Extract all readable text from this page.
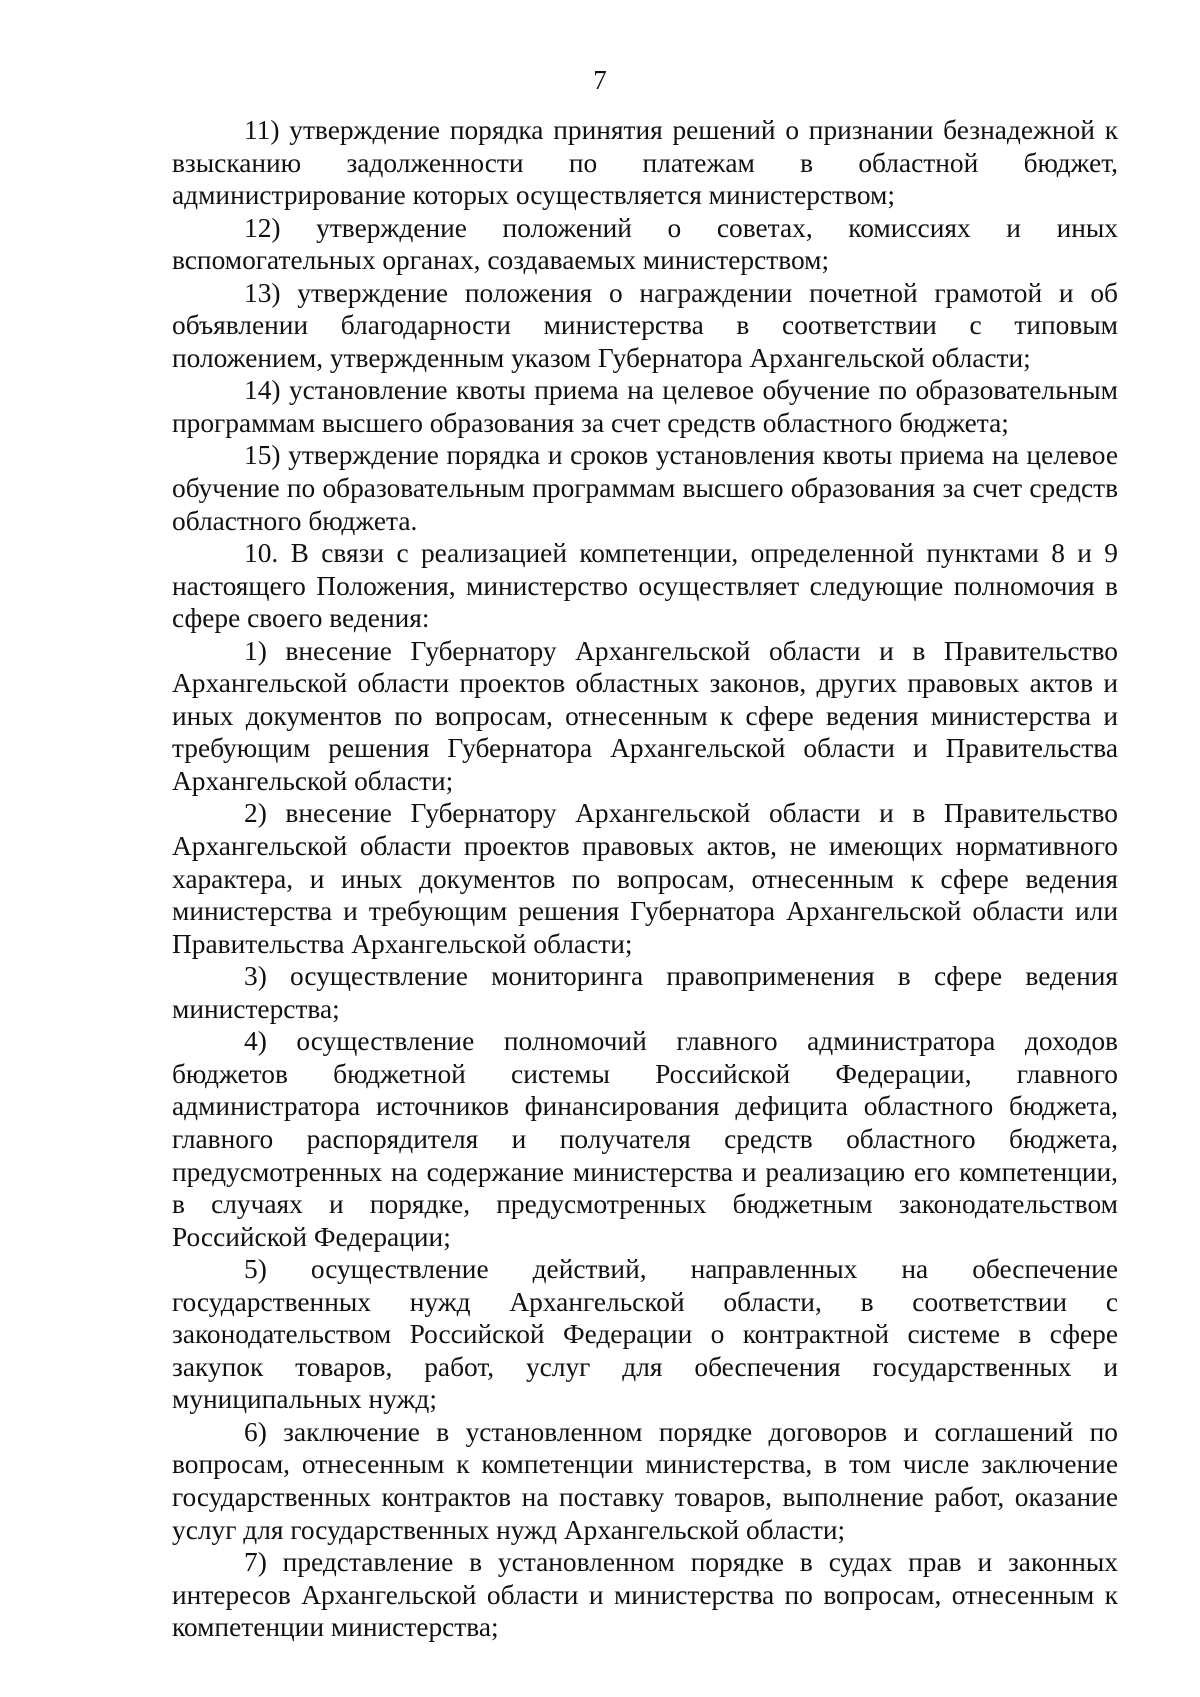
7

11) утверждение порядка принятия решений о признании безнадежной к взысканию задолженности по платежам в областной бюджет, администрирование которых осуществляется министерством;

12) утверждение положений о советах, комиссиях и иных вспомогательных органах, создаваемых министерством;

13) утверждение положения о награждении почетной грамотой и об объявлении благодарности министерства в соответствии с типовым положением, утвержденным указом Губернатора Архангельской области;

14) установление квоты приема на целевое обучение по образовательным программам высшего образования за счет средств областного бюджета;

15) утверждение порядка и сроков установления квоты приема на целевое обучение по образовательным программам высшего образования за счет средств областного бюджета.

10. В связи с реализацией компетенции, определенной пунктами 8 и 9 настоящего Положения, министерство осуществляет следующие полномочия в сфере своего ведения:

1) внесение Губернатору Архангельской области и в Правительство Архангельской области проектов областных законов, других правовых актов и иных документов по вопросам, отнесенным к сфере ведения министерства и требующим решения Губернатора Архангельской области и Правительства Архангельской области;

2) внесение Губернатору Архангельской области и в Правительство Архангельской области проектов правовых актов, не имеющих нормативного характера, и иных документов по вопросам, отнесенным к сфере ведения министерства и требующим решения Губернатора Архангельской области или Правительства Архангельской области;

3) осуществление мониторинга правоприменения в сфере ведения министерства;

4) осуществление полномочий главного администратора доходов бюджетов бюджетной системы Российской Федерации, главного администратора источников финансирования дефицита областного бюджета, главного распорядителя и получателя средств областного бюджета, предусмотренных на содержание министерства и реализацию его компетенции, в случаях и порядке, предусмотренных бюджетным законодательством Российской Федерации;

5) осуществление действий, направленных на обеспечение государственных нужд Архангельской области, в соответствии с законодательством Российской Федерации о контрактной системе в сфере закупок товаров, работ, услуг для обеспечения государственных и муниципальных нужд;

6) заключение в установленном порядке договоров и соглашений по вопросам, отнесенным к компетенции министерства, в том числе заключение государственных контрактов на поставку товаров, выполнение работ, оказание услуг для государственных нужд Архангельской области;

7) представление в установленном порядке в судах прав и законных интересов Архангельской области и министерства по вопросам, отнесенным к компетенции министерства;
